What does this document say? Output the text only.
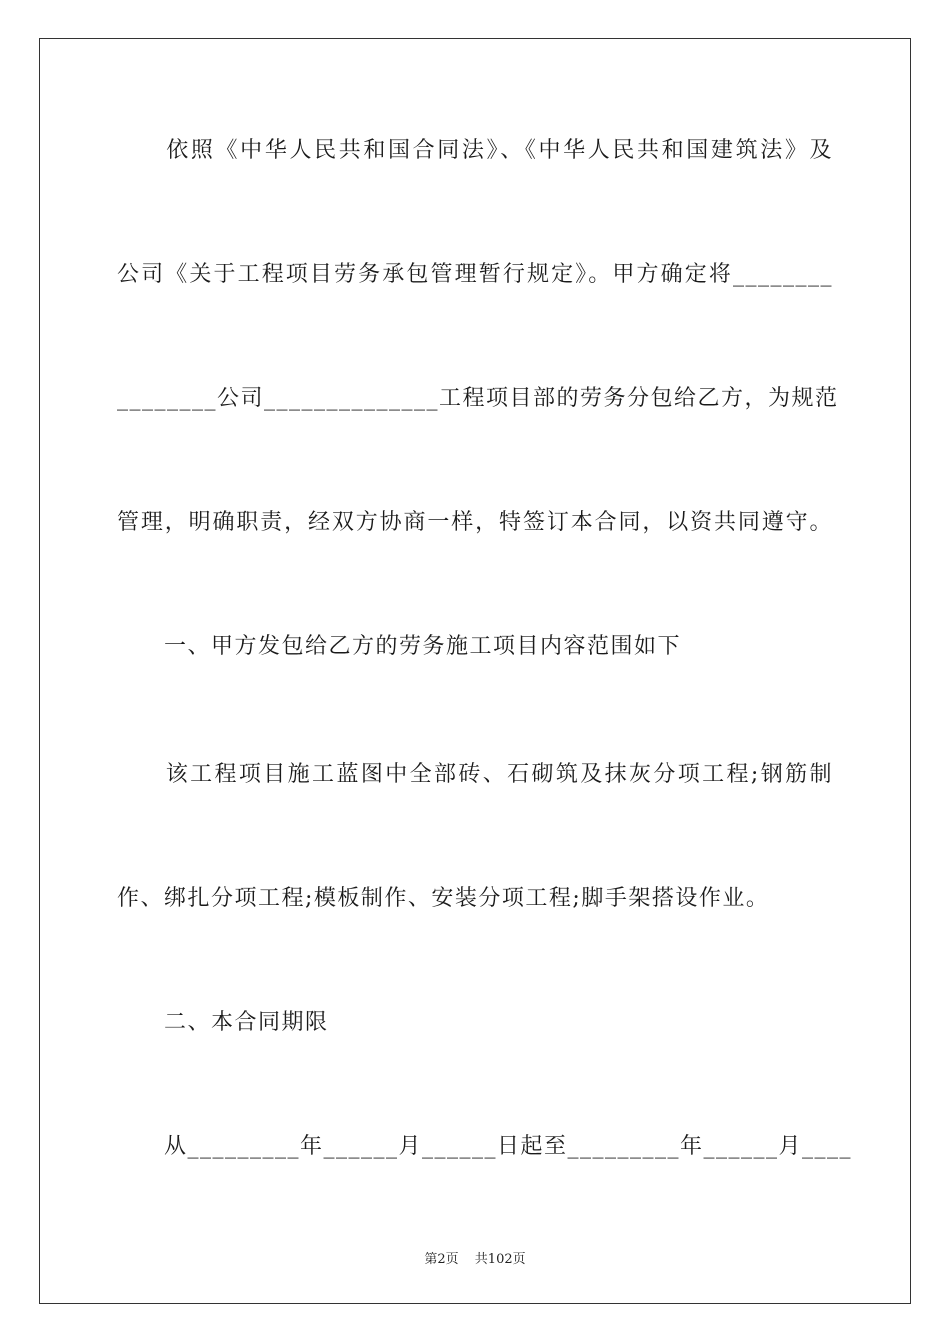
　　依照《中华人民共和国合同法》、《中华人民共和国建筑法》及
公司《关于工程项目劳务承包管理暂行规定》。甲方确定将________
________公司______________工程项目部的劳务分包给乙方，为规范
管理，明确职责，经双方协商一样，特签订本合同，以资共同遵守。
　　一、甲方发包给乙方的劳务施工项目内容范围如下
　　该工程项目施工蓝图中全部砖、石砌筑及抹灰分项工程;钢筋制
作、绑扎分项工程;模板制作、安装分项工程;脚手架搭设作业。
　　二、本合同期限
　　从_________年______月______日起至_________年______月____
第2页 共102页
